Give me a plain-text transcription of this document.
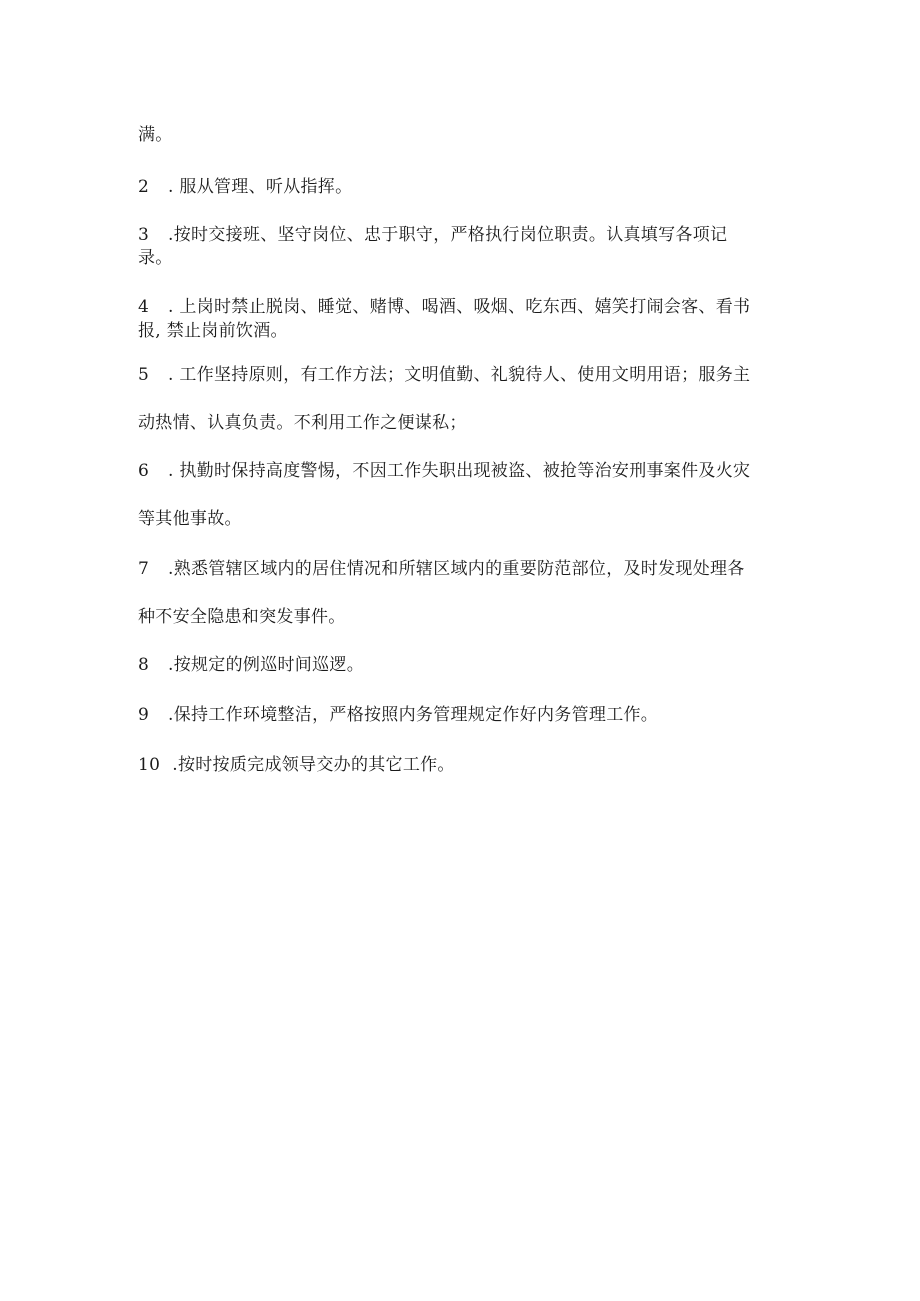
满。
2 . 服从管理、听从指挥。
3 .按时交接班、坚守岗位、忠于职守，严格执行岗位职责。认真填写各项记
录。
4 . 上岗时禁止脱岗、睡觉、赌博、喝酒、吸烟、吃东西、嬉笑打闹会客、看书
报, 禁止岗前饮酒。
5 . 工作坚持原则，有工作方法；文明值勤、礼貌待人、使用文明用语；服务主
动热情、认真负责。不利用工作之便谋私；
6 . 执勤时保持高度警惕，不因工作失职出现被盗、被抢等治安刑事案件及火灾
等其他事故。
7 .熟悉管辖区域内的居住情况和所辖区域内的重要防范部位，及时发现处理各
种不安全隐患和突发事件。
8 .按规定的例巡时间巡逻。
9 .保持工作环境整洁，严格按照内务管理规定作好内务管理工作。
10 .按时按质完成领导交办的其它工作。
